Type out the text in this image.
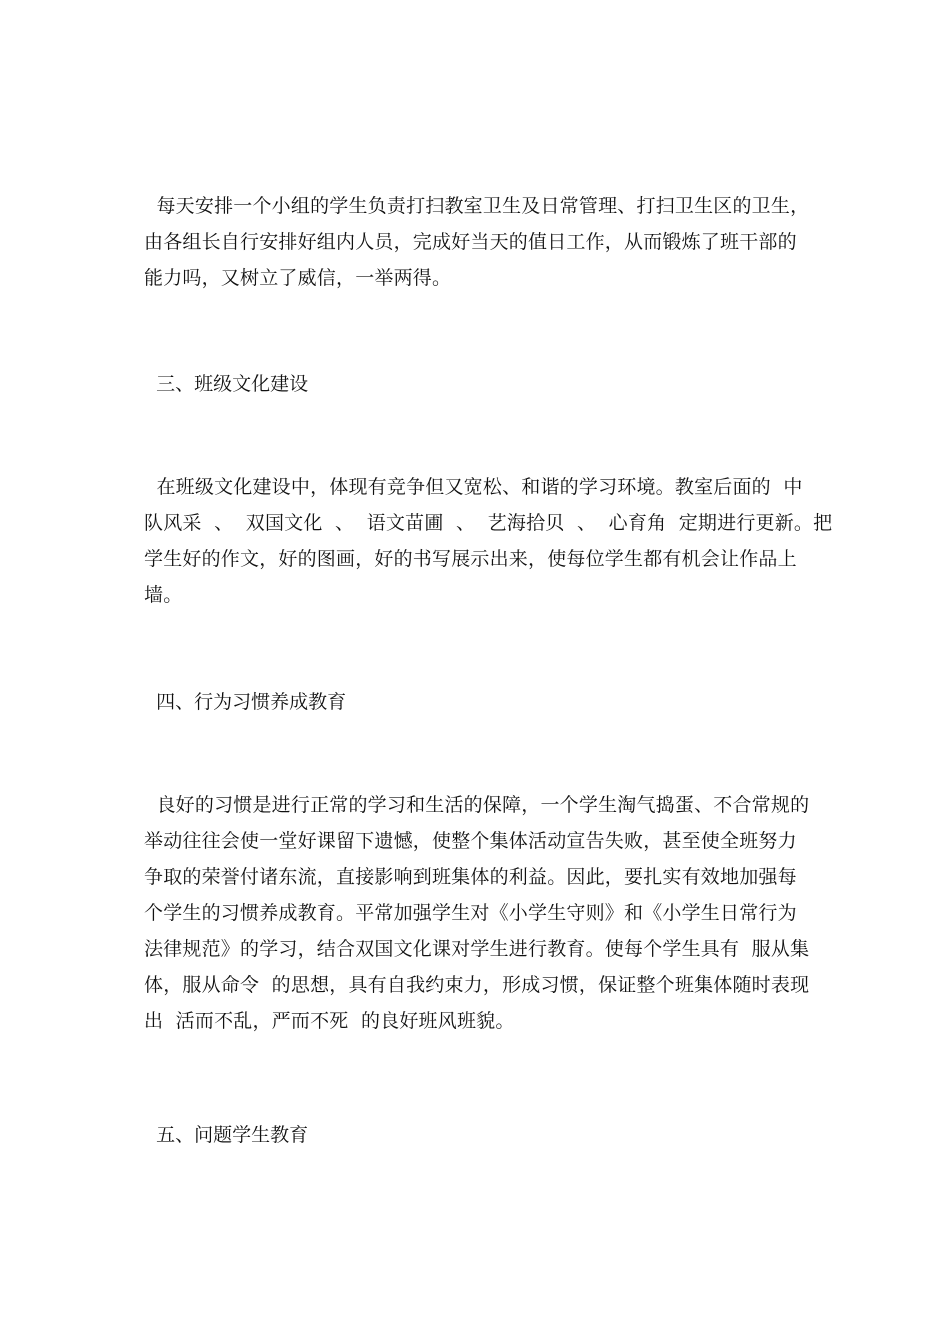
每天安排一个小组的学生负责打扫教室卫生及日常管理、打扫卫生区的卫生，
由各组长自行安排好组内人员，完成好当天的值日工作，从而锻炼了班干部的
能力吗，又树立了威信，一举两得。
三、班级文化建设
在班级文化建设中，体现有竞争但又宽松、和谐的学习环境。教室后面的  中
队风采  、  双国文化  、  语文苗圃  、  艺海拾贝  、  心育角  定期进行更新。把
学生好的作文，好的图画，好的书写展示出来，使每位学生都有机会让作品上
墙。
四、行为习惯养成教育
良好的习惯是进行正常的学习和生活的保障，一个学生淘气捣蛋、不合常规的
举动往往会使一堂好课留下遗憾，使整个集体活动宣告失败，甚至使全班努力
争取的荣誉付诸东流，直接影响到班集体的利益。因此，要扎实有效地加强每
个学生的习惯养成教育。平常加强学生对《小学生守则》和《小学生日常行为
法律规范》的学习，结合双国文化课对学生进行教育。使每个学生具有  服从集
体，服从命令  的思想，具有自我约束力，形成习惯，保证整个班集体随时表现
出  活而不乱，严而不死  的良好班风班貌。
五、问题学生教育
